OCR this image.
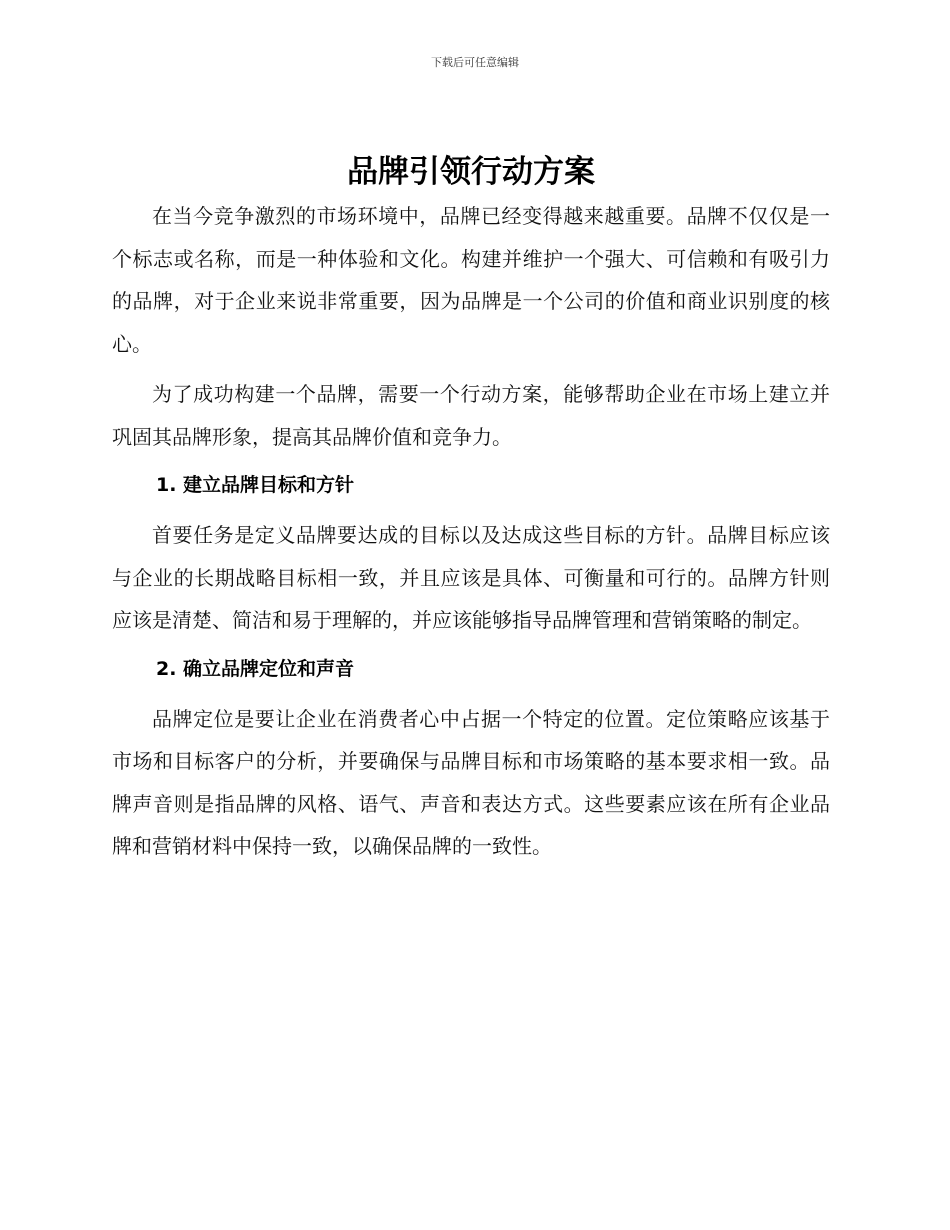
下载后可任意编辑
品牌引领行动方案

在当今竞争激烈的市场环境中，品牌已经变得越来越重要。品牌不仅仅是一个标志或名称，而是一种体验和文化。构建并维护一个强大、可信赖和有吸引力的品牌，对于企业来说非常重要，因为品牌是一个公司的价值和商业识别度的核心。

为了成功构建一个品牌，需要一个行动方案，能够帮助企业在市场上建立并巩固其品牌形象，提高其品牌价值和竞争力。

1. 建立品牌目标和方针

首要任务是定义品牌要达成的目标以及达成这些目标的方针。品牌目标应该与企业的长期战略目标相一致，并且应该是具体、可衡量和可行的。品牌方针则应该是清楚、简洁和易于理解的，并应该能够指导品牌管理和营销策略的制定。

2. 确立品牌定位和声音

品牌定位是要让企业在消费者心中占据一个特定的位置。定位策略应该基于市场和目标客户的分析，并要确保与品牌目标和市场策略的基本要求相一致。品牌声音则是指品牌的风格、语气、声音和表达方式。这些要素应该在所有企业品牌和营销材料中保持一致，以确保品牌的一致性。
